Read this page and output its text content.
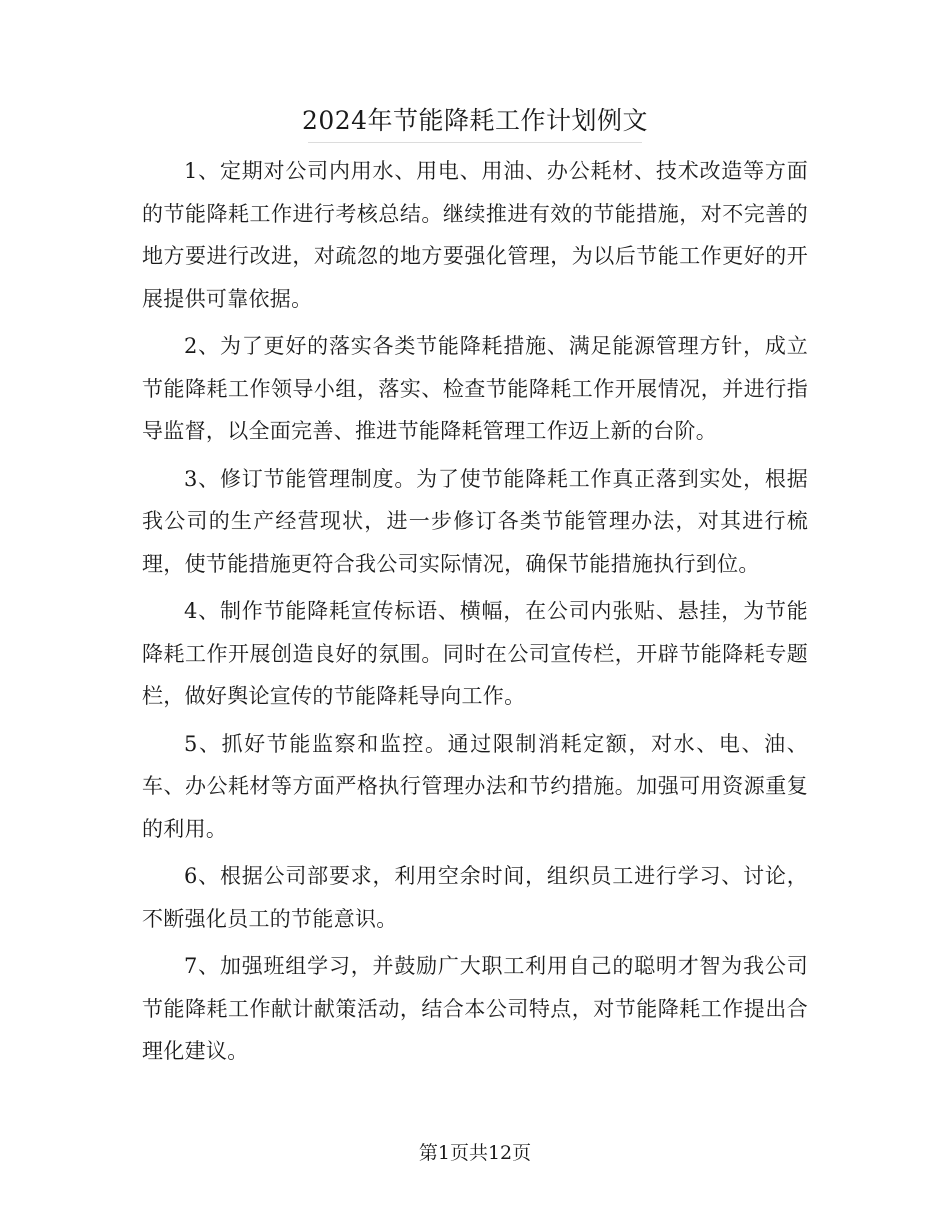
2024年节能降耗工作计划例文

1、定期对公司内用水、用电、用油、办公耗材、技术改造等方面的节能降耗工作进行考核总结。继续推进有效的节能措施，对不完善的地方要进行改进，对疏忽的地方要强化管理，为以后节能工作更好的开展提供可靠依据。

2、为了更好的落实各类节能降耗措施、满足能源管理方针，成立节能降耗工作领导小组，落实、检查节能降耗工作开展情况，并进行指导监督，以全面完善、推进节能降耗管理工作迈上新的台阶。

3、修订节能管理制度。为了使节能降耗工作真正落到实处，根据我公司的生产经营现状，进一步修订各类节能管理办法，对其进行梳理，使节能措施更符合我公司实际情况，确保节能措施执行到位。

4、制作节能降耗宣传标语、横幅，在公司内张贴、悬挂，为节能降耗工作开展创造良好的氛围。同时在公司宣传栏，开辟节能降耗专题栏，做好舆论宣传的节能降耗导向工作。

5、抓好节能监察和监控。通过限制消耗定额，对水、电、油、车、办公耗材等方面严格执行管理办法和节约措施。加强可用资源重复的利用。

6、根据公司部要求，利用空余时间，组织员工进行学习、讨论，不断强化员工的节能意识。

7、加强班组学习，并鼓励广大职工利用自己的聪明才智为我公司节能降耗工作献计献策活动，结合本公司特点，对节能降耗工作提出合理化建议。

第1页共12页
